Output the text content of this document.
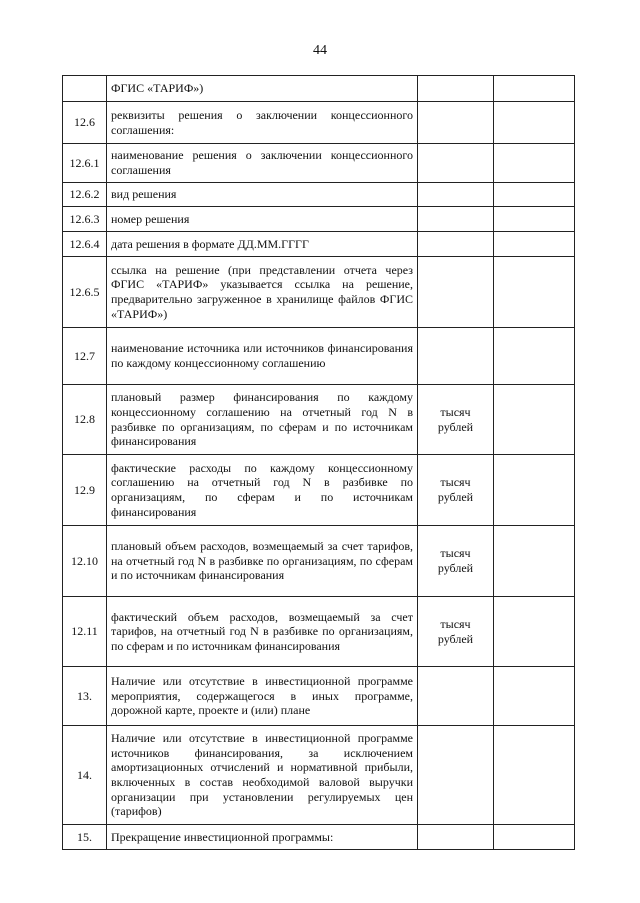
44
	ФГИС «ТАРИФ»)		
12.6	реквизиты решения о заключении концессионного соглашения:		
12.6.1	наименование решения о заключении концессионного соглашения		
12.6.2	вид решения		
12.6.3	номер решения		
12.6.4	дата решения в формате ДД.ММ.ГГГГ		
12.6.5	ссылка на решение (при представлении отчета через ФГИС «ТАРИФ» указывается ссылка на решение, предварительно загруженное в хранилище файлов ФГИС «ТАРИФ»)		
12.7	наименование источника или источников финансирования по каждому концессионному соглашению		
12.8	плановый размер финансирования по каждому концессионному соглашению на отчетный год N в разбивке по организациям, по сферам и по источникам финансирования	тысяч рублей	
12.9	фактические расходы по каждому концессионному соглашению на отчетный год N в разбивке по организациям, по сферам и по источникам финансирования	тысяч рублей	
12.10	плановый объем расходов, возмещаемый за счет тарифов, на отчетный год N в разбивке по организациям, по сферам и по источникам финансирования	тысяч рублей	
12.11	фактический объем расходов, возмещаемый за счет тарифов, на отчетный год N в разбивке по организациям, по сферам и по источникам финансирования	тысяч рублей	
13.	Наличие или отсутствие в инвестиционной программе мероприятия, содержащегося в иных программе, дорожной карте, проекте и (или) плане		
14.	Наличие или отсутствие в инвестиционной программе источников финансирования, за исключением амортизационных отчислений и нормативной прибыли, включенных в состав необходимой валовой выручки организации при установлении регулируемых цен (тарифов)		
15.	Прекращение инвестиционной программы:		
